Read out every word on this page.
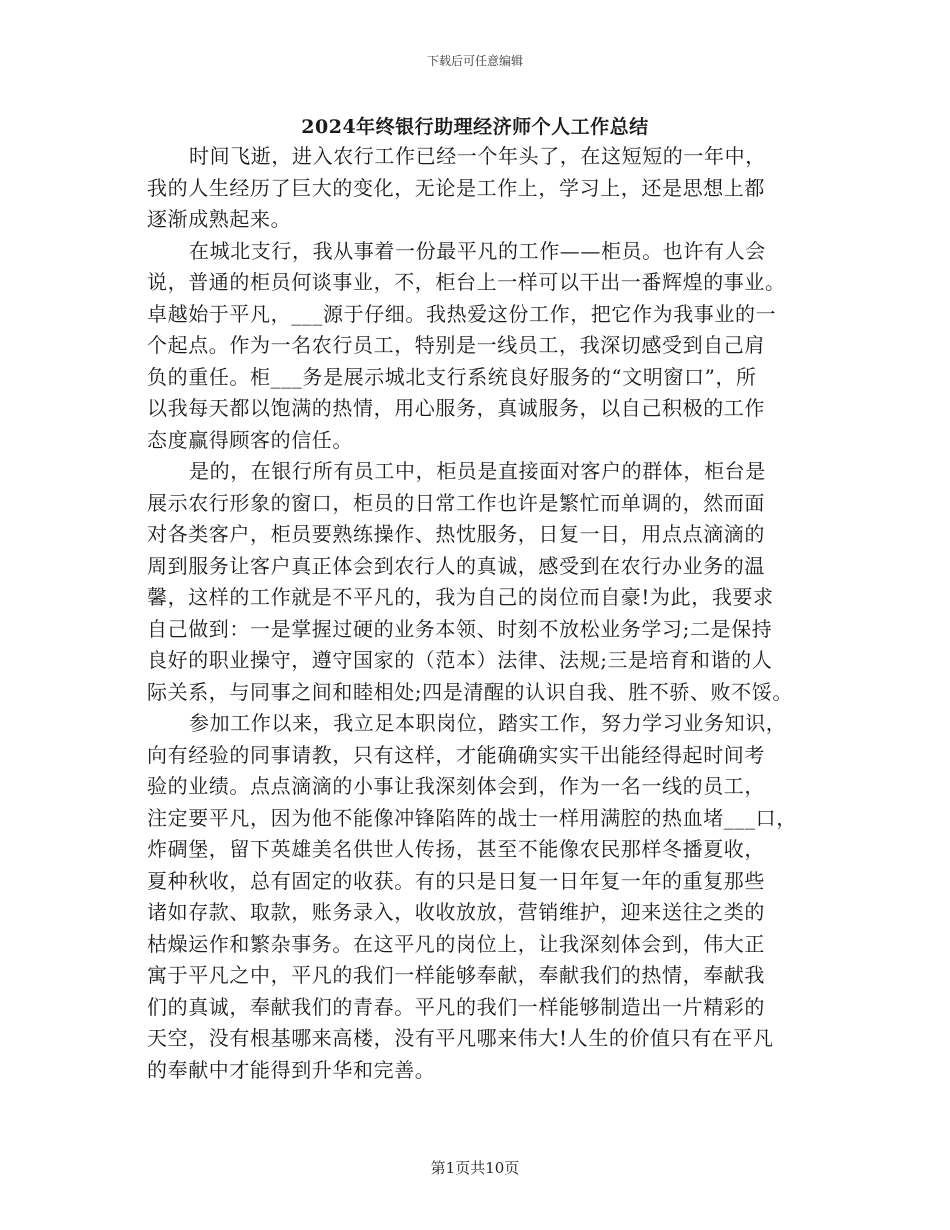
下载后可任意编辑
2024年终银行助理经济师个人工作总结
时间飞逝，进入农行工作已经一个年头了，在这短短的一年中，
我的人生经历了巨大的变化，无论是工作上，学习上，还是思想上都
逐渐成熟起来。
在城北支行，我从事着一份最平凡的工作——柜员。也许有人会
说，普通的柜员何谈事业，不，柜台上一样可以干出一番辉煌的事业。
卓越始于平凡，___源于仔细。我热爱这份工作，把它作为我事业的一
个起点。作为一名农行员工，特别是一线员工，我深切感受到自己肩
负的重任。柜___务是展示城北支行系统良好服务的“文明窗口”，所
以我每天都以饱满的热情，用心服务，真诚服务，以自己积极的工作
态度赢得顾客的信任。
是的，在银行所有员工中，柜员是直接面对客户的群体，柜台是
展示农行形象的窗口，柜员的日常工作也许是繁忙而单调的，然而面
对各类客户，柜员要熟练操作、热忱服务，日复一日，用点点滴滴的
周到服务让客户真正体会到农行人的真诚，感受到在农行办业务的温
馨，这样的工作就是不平凡的，我为自己的岗位而自豪!为此，我要求
自己做到：一是掌握过硬的业务本领、时刻不放松业务学习;二是保持
良好的职业操守，遵守国家的（范本）法律、法规;三是培育和谐的人
际关系，与同事之间和睦相处;四是清醒的认识自我、胜不骄、败不馁。
参加工作以来，我立足本职岗位，踏实工作，努力学习业务知识，
向有经验的同事请教，只有这样，才能确确实实干出能经得起时间考
验的业绩。点点滴滴的小事让我深刻体会到，作为一名一线的员工，
注定要平凡，因为他不能像冲锋陷阵的战士一样用满腔的热血堵___口，
炸碉堡，留下英雄美名供世人传扬，甚至不能像农民那样冬播夏收，
夏种秋收，总有固定的收获。有的只是日复一日年复一年的重复那些
诸如存款、取款，账务录入，收收放放，营销维护，迎来送往之类的
枯燥运作和繁杂事务。在这平凡的岗位上，让我深刻体会到，伟大正
寓于平凡之中，平凡的我们一样能够奉献，奉献我们的热情，奉献我
们的真诚，奉献我们的青春。平凡的我们一样能够制造出一片精彩的
天空，没有根基哪来高楼，没有平凡哪来伟大!人生的价值只有在平凡
的奉献中才能得到升华和完善。
第1页共10页
